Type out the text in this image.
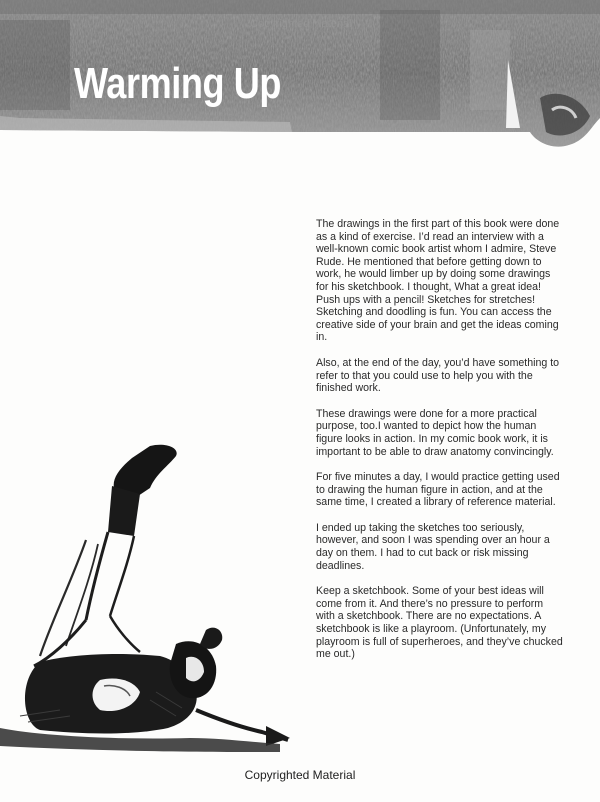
Copyrighted Material
Warming Up

The drawings in the first part of this book were done as a kind of exercise. I’d read an interview with a well-known comic book artist whom I admire, Steve Rude. He mentioned that before getting down to work, he would limber up by doing some drawings for his sketchbook. I thought, What a great idea! Push ups with a pencil! Sketches for stretches! Sketching and doodling is fun. You can access the creative side of your brain and get the ideas coming in.

Also, at the end of the day, you’d have something to refer to that you could use to help you with the finished work.

These drawings were done for a more practical purpose, too.I wanted to depict how the human figure looks in action. In my comic book work, it is important to be able to draw anatomy convincingly.

For five minutes a day, I would practice getting used to drawing the human figure in action, and at the same time, I created a library of reference material.

I ended up taking the sketches too seriously, however, and soon I was spending over an hour a day on them. I had to cut back or risk missing deadlines.

Keep a sketchbook. Some of your best ideas will come from it. And there’s no pressure to perform with a sketchbook. There are no expectations. A sketchbook is like a playroom. (Unfortunately, my playroom is full of superheroes, and they’ve chucked me out.)

Copyrighted Material
